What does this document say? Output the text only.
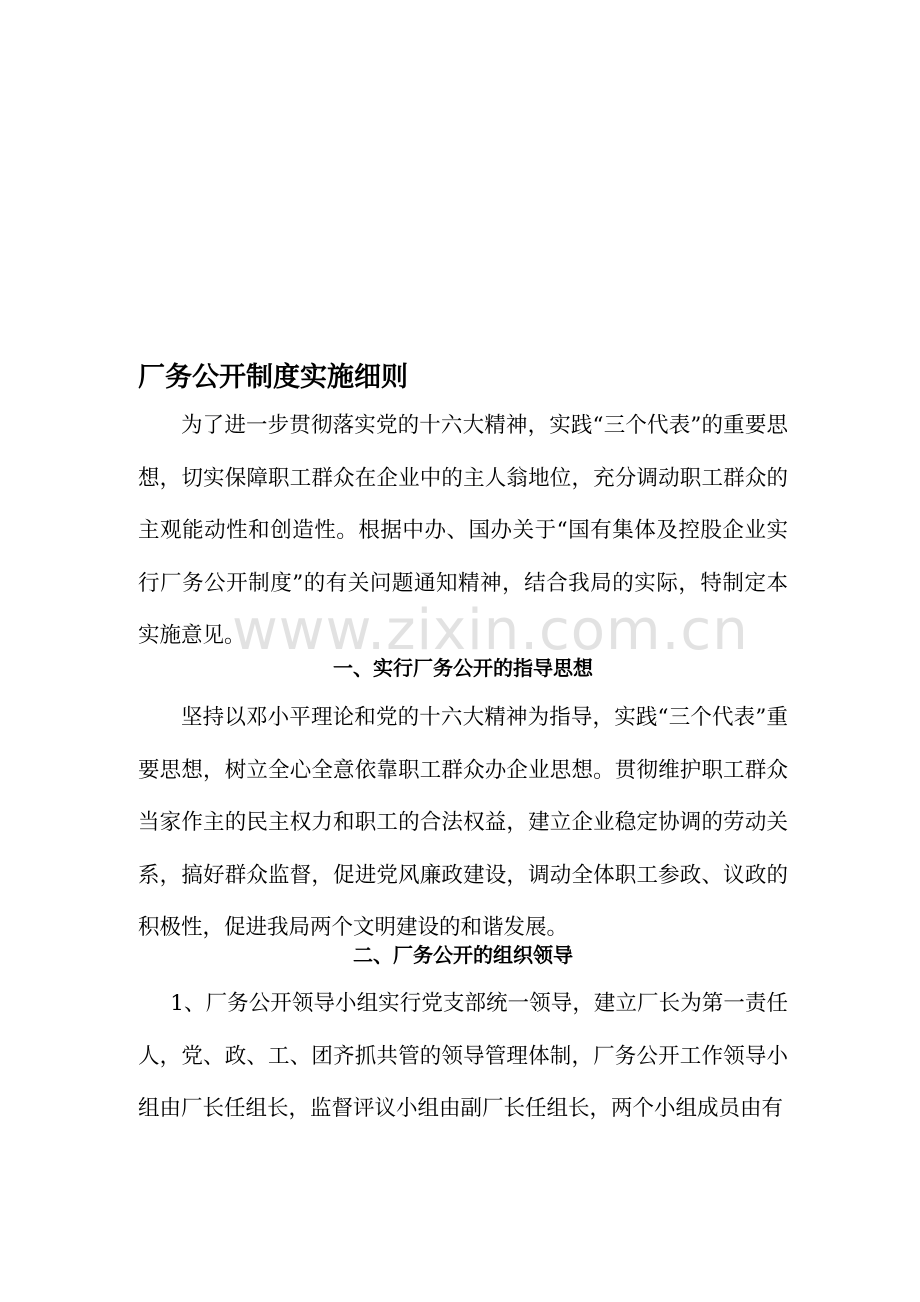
厂务公开制度实施细则

为了进一步贯彻落实党的十六大精神，实践“三个代表”的重要思想，切实保障职工群众在企业中的主人翁地位，充分调动职工群众的主观能动性和创造性。根据中办、国办关于“国有集体及控股企业实行厂务公开制度”的有关问题通知精神，结合我局的实际，特制定本实施意见。

www.zixin.com.cn
一、实行厂务公开的指导思想

坚持以邓小平理论和党的十六大精神为指导，实践“三个代表”重要思想，树立全心全意依靠职工群众办企业思想。贯彻维护职工群众当家作主的民主权力和职工的合法权益，建立企业稳定协调的劳动关系，搞好群众监督，促进党风廉政建设，调动全体职工参政、议政的积极性，促进我局两个文明建设的和谐发展。

二、厂务公开的组织领导

1、厂务公开领导小组实行党支部统一领导，建立厂长为第一责任人，党、政、工、团齐抓共管的领导管理体制，厂务公开工作领导小组由厂长任组长，监督评议小组由副厂长任组长，两个小组成员由有
